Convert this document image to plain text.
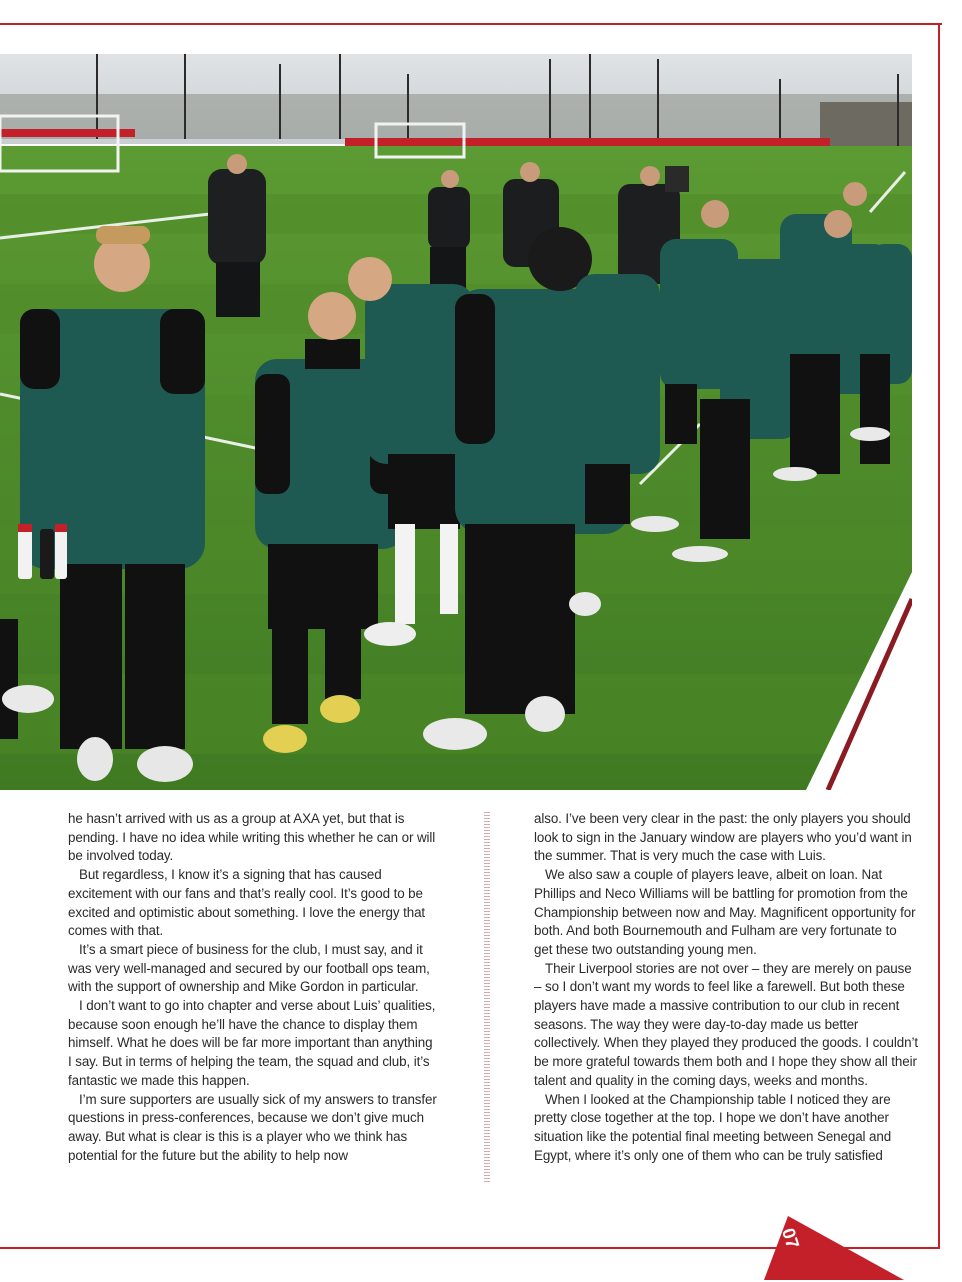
he hasn’t arrived with us as a group at AXA yet, but that is pending. I have no idea while writing this whether he can or will be involved today.

But regardless, I know it’s a signing that has caused excitement with our fans and that’s really cool. It’s good to be excited and optimistic about something. I love the energy that comes with that.

It’s a smart piece of business for the club, I must say, and it was very well-managed and secured by our football ops team, with the support of ownership and Mike Gordon in particular.

I don’t want to go into chapter and verse about Luis’ qualities, because soon enough he’ll have the chance to display them himself. What he does will be far more important than anything I say. But in terms of helping the team, the squad and club, it’s fantastic we made this happen.

I’m sure supporters are usually sick of my answers to transfer questions in press-conferences, because we don’t give much away. But what is clear is this is a player who we think has potential for the future but the ability to help now

also. I’ve been very clear in the past: the only players you should look to sign in the January window are players who you’d want in the summer. That is very much the case with Luis.

We also saw a couple of players leave, albeit on loan. Nat Phillips and Neco Williams will be battling for promotion from the Championship between now and May. Magnificent opportunity for both. And both Bournemouth and Fulham are very fortunate to get these two outstanding young men.

Their Liverpool stories are not over – they are merely on pause – so I don’t want my words to feel like a farewell. But both these players have made a massive contribution to our club in recent seasons. The way they were day-to-day made us better collectively. When they played they produced the goods. I couldn’t be more grateful towards them both and I hope they show all their talent and quality in the coming days, weeks and months.

When I looked at the Championship table I noticed they are pretty close together at the top. I hope we don’t have another situation like the potential final meeting between Senegal and Egypt, where it’s only one of them who can be truly satisfied

07
